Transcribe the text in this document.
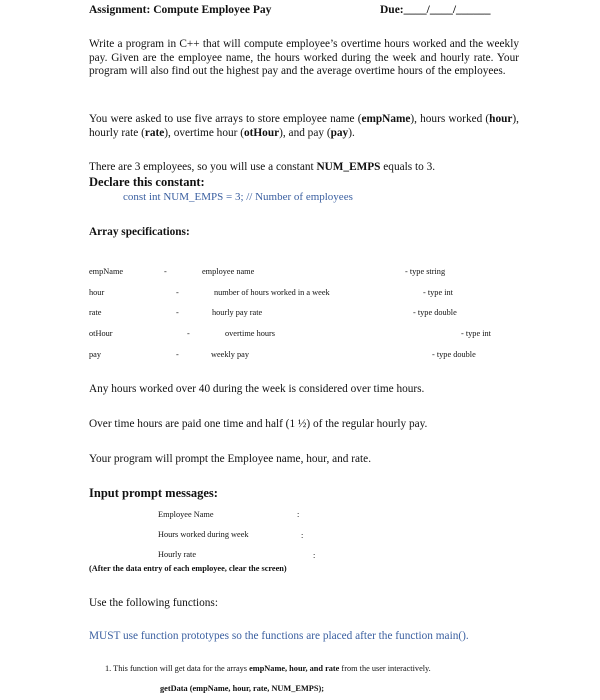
Assignment: Compute Employee Pay	Due:____/____/______
Write a program in C++ that will compute employee’s overtime hours worked and the weekly pay. Given are the employee name, the hours worked during the week and hourly rate. Your program will also find out the highest pay and the average overtime hours of the employees.
You were asked to use five arrays to store employee name (empName), hours worked (hour), hourly rate (rate), overtime hour (otHour), and pay (pay).
There are 3 employees, so you will use a constant NUM_EMPS equals to 3.
Declare this constant:
const int NUM_EMPS = 3; // Number of employees
Array specifications:
empName	-	employee name	- type string
hour	-	number of hours worked in a week	- type int
rate	-	hourly pay rate	- type double
otHour	-	overtime hours	- type int
pay	-	weekly pay	- type double
Any hours worked over 40 during the week is considered over time hours.
Over time hours are paid one time and half (1 ½) of the regular hourly pay.
Your program will prompt the Employee name, hour, and rate.
Input prompt messages:
Employee Name	:
Hours worked during week	:
Hourly rate	:
(After the data entry of each employee, clear the screen)
Use the following functions:
MUST use function prototypes so the functions are placed after the function main().
1. This function will get data for the arrays empName, hour, and rate from the user interactively.
getData (empName, hour, rate, NUM_EMPS);
